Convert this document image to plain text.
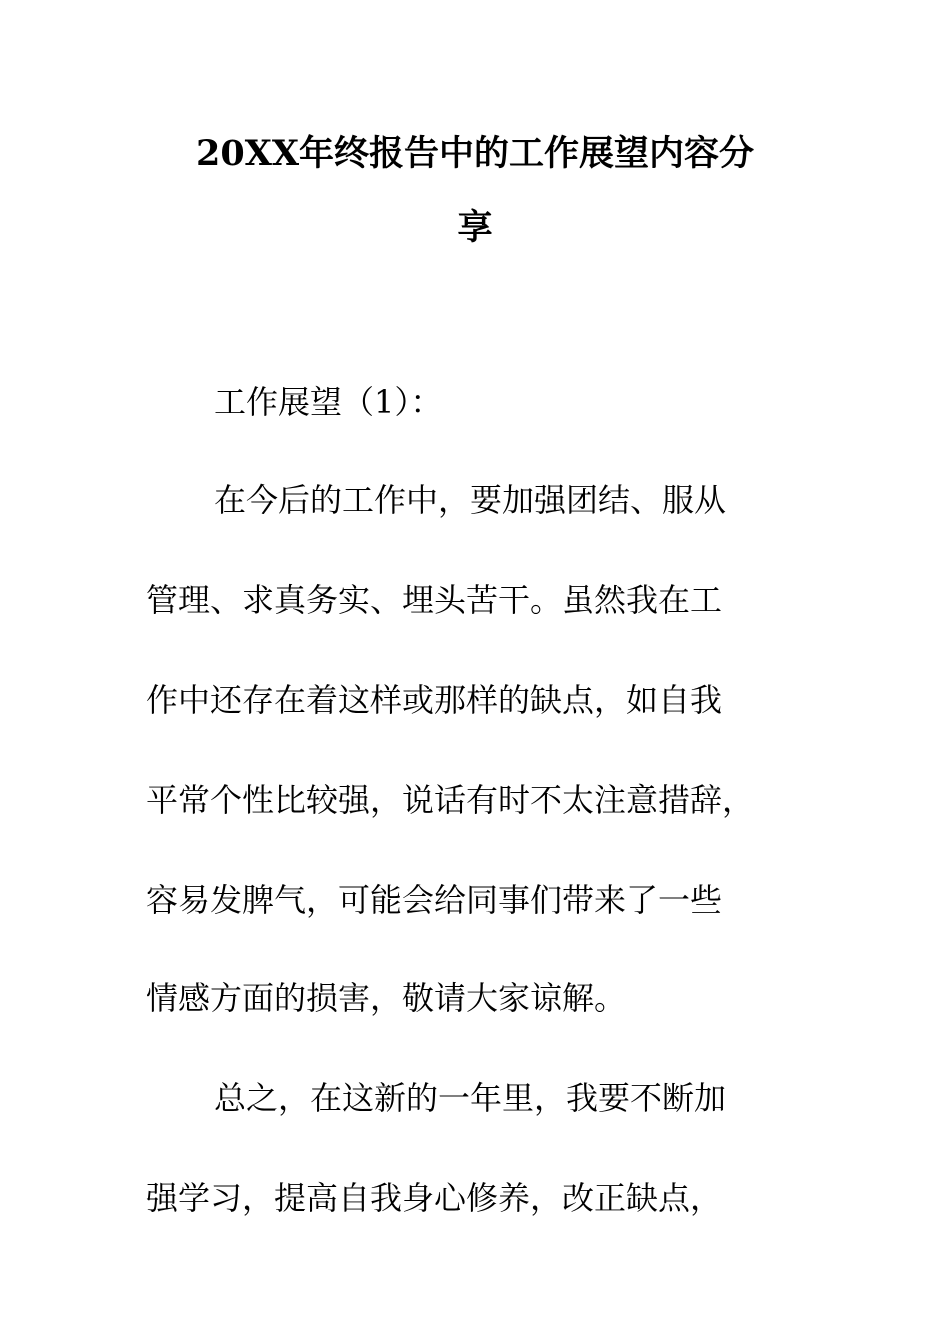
20XX年终报告中的工作展望内容分
享
工作展望（1）：
在今后的工作中，要加强团结、服从
管理、求真务实、埋头苦干。虽然我在工
作中还存在着这样或那样的缺点，如自我
平常个性比较强，说话有时不太注意措辞，
容易发脾气，可能会给同事们带来了一些
情感方面的损害，敬请大家谅解。
总之，在这新的一年里，我要不断加
强学习，提高自我身心修养，改正缺点，
